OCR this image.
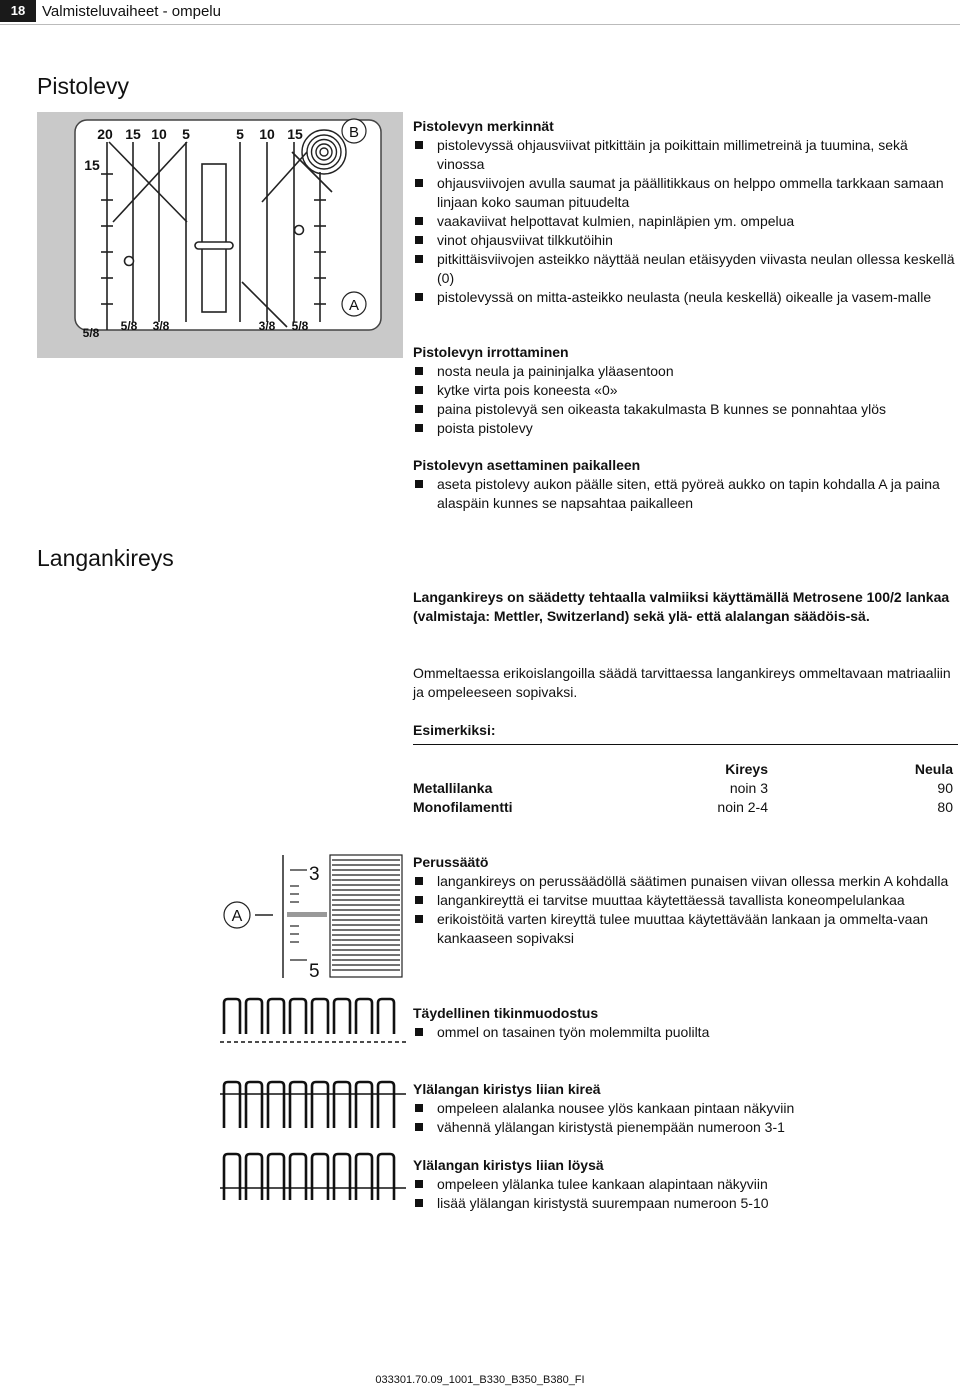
18	Valmisteluvaiheet - ompelu
Pistolevy
20 15 10 5	5 10 15
15
5/8 5/8 3/8	3/8 5/8
B
A
Pistolevyn merkinnät
pistolevyssä ohjausviivat pitkittäin ja poikittain millimetreinä ja tuumina, sekä vinossa
ohjausviivojen avulla saumat ja päällitikkaus on helppo ommella tarkkaan samaan linjaan koko sauman pituudelta
vaakaviivat helpottavat kulmien, napinläpien ym. ompelua
vinot ohjausviivat tilkkutöihin
pitkittäisviivojen asteikko näyttää neulan etäisyyden viivasta neulan ollessa keskellä (0)
pistolevyssä on mitta-asteikko neulasta (neula keskellä) oikealle ja vasem-malle
Pistolevyn irrottaminen
nosta neula ja paininjalka yläasentoon
kytke virta pois koneesta «0»
paina pistolevyä sen oikeasta takakulmasta B kunnes se ponnahtaa ylös
poista pistolevy
Pistolevyn asettaminen paikalleen
aseta pistolevy aukon päälle siten, että pyöreä aukko on tapin kohdalla A ja paina alaspäin kunnes se napsahtaa paikalleen
Langankireys
Langankireys on säädetty tehtaalla valmiiksi käyttämällä Metrosene 100/2 lankaa (valmistaja: Mettler, Switzerland) sekä ylä- että alalangan säädöis-sä.
Ommeltaessa erikoislangoilla säädä tarvittaessa langankireys ommeltavaan matriaaliin ja ompeleeseen sopivaksi.
Esimerkiksi:
	Kireys	Neula
Metallilanka	noin 3	90
Monofilamentti	noin 2-4	80
A
3
5
Perussäätö
langankireys on perussäädöllä säätimen punaisen viivan ollessa merkin A kohdalla
langankireyttä ei tarvitse muuttaa käytettäessä tavallista koneompelulankaa
erikoistöitä varten kireyttä tulee muuttaa käytettävään lankaan ja ommelta-vaan kankaaseen sopivaksi
Täydellinen tikinmuodostus
ommel on tasainen työn molemmilta puolilta
Ylälangan kiristys liian kireä
ompeleen alalanka nousee ylös kankaan pintaan näkyviin
vähennä ylälangan kiristystä pienempään numeroon 3-1
Ylälangan kiristys liian löysä
ompeleen ylälanka tulee kankaan alapintaan näkyviin
lisää ylälangan kiristystä suurempaan numeroon 5-10
033301.70.09_1001_B330_B350_B380_FI
